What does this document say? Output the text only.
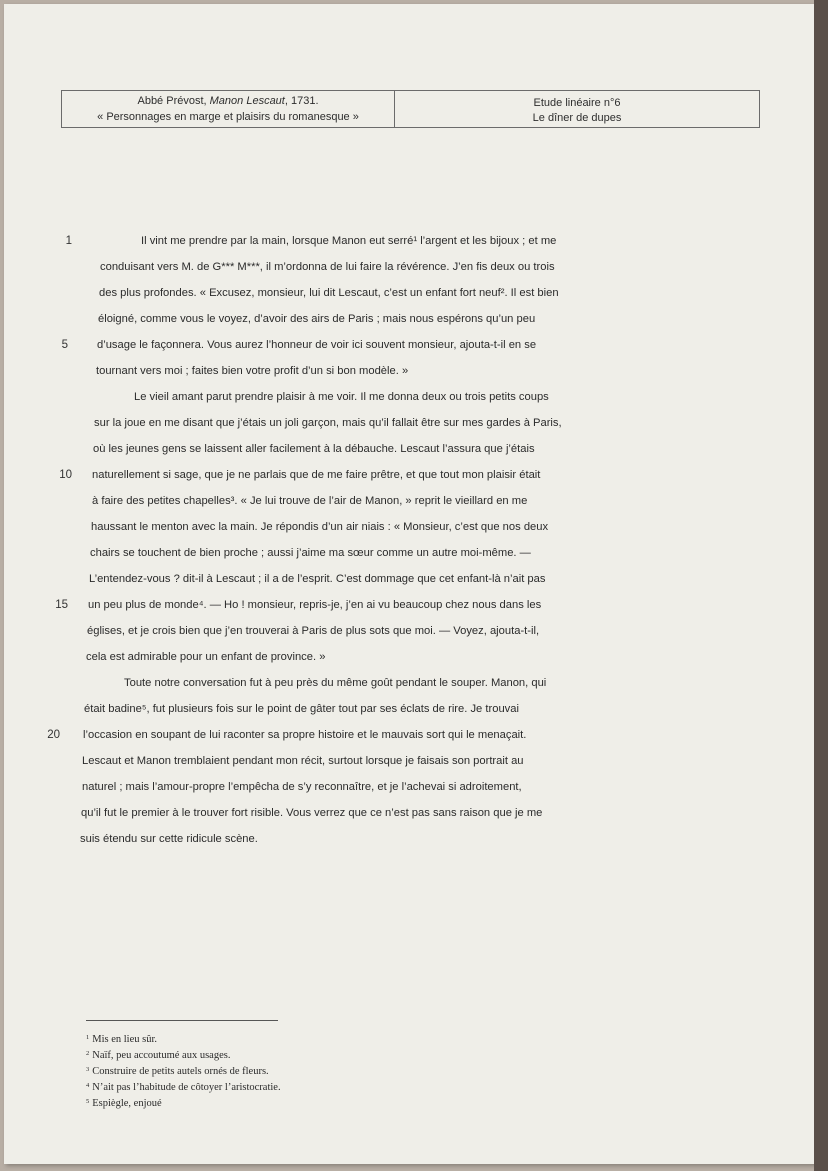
Abbé Prévost, Manon Lescaut, 1731.
« Personnages en marge et plaisirs du romanesque »
Etude linéaire n°6
Le dîner de dupes
1
5
10
15
20
Il vint me prendre par la main, lorsque Manon eut serré¹ l’argent et les bijoux ; et me
conduisant vers M. de G*** M***, il m’ordonna de lui faire la révérence. J’en fis deux ou trois
des plus profondes. « Excusez, monsieur, lui dit Lescaut, c’est un enfant fort neuf². Il est bien
éloigné, comme vous le voyez, d’avoir des airs de Paris ; mais nous espérons qu’un peu
d’usage le façonnera. Vous aurez l’honneur de voir ici souvent monsieur, ajouta-t-il en se
tournant vers moi ; faites bien votre profit d’un si bon modèle. »
Le vieil amant parut prendre plaisir à me voir. Il me donna deux ou trois petits coups
sur la joue en me disant que j’étais un joli garçon, mais qu’il fallait être sur mes gardes à Paris,
où les jeunes gens se laissent aller facilement à la débauche. Lescaut l’assura que j’étais
naturellement si sage, que je ne parlais que de me faire prêtre, et que tout mon plaisir était
à faire des petites chapelles³. « Je lui trouve de l’air de Manon, » reprit le vieillard en me
haussant le menton avec la main. Je répondis d’un air niais : « Monsieur, c’est que nos deux
chairs se touchent de bien proche ; aussi j’aime ma sœur comme un autre moi-même. —
L’entendez-vous ? dit-il à Lescaut ; il a de l’esprit. C’est dommage que cet enfant-là n’ait pas
un peu plus de monde⁴. — Ho ! monsieur, repris-je, j’en ai vu beaucoup chez nous dans les
églises, et je crois bien que j’en trouverai à Paris de plus sots que moi. — Voyez, ajouta-t-il,
cela est admirable pour un enfant de province. »
Toute notre conversation fut à peu près du même goût pendant le souper. Manon, qui
était badine⁵, fut plusieurs fois sur le point de gâter tout par ses éclats de rire. Je trouvai
l’occasion en soupant de lui raconter sa propre histoire et le mauvais sort qui le menaçait.
Lescaut et Manon tremblaient pendant mon récit, surtout lorsque je faisais son portrait au
naturel ; mais l’amour-propre l’empêcha de s’y reconnaître, et je l’achevai si adroitement,
qu’il fut le premier à le trouver fort risible. Vous verrez que ce n’est pas sans raison que je me
suis étendu sur cette ridicule scène.
$^1$ Mis en lieu sûr.
$^2$ Naïf, peu accoutumé aux usages.
$^3$ Construire de petits autels ornés de fleurs.
$^4$ N’ait pas l’habitude de côtoyer l’aristocratie.
$^5$ Espiègle, enjoué
